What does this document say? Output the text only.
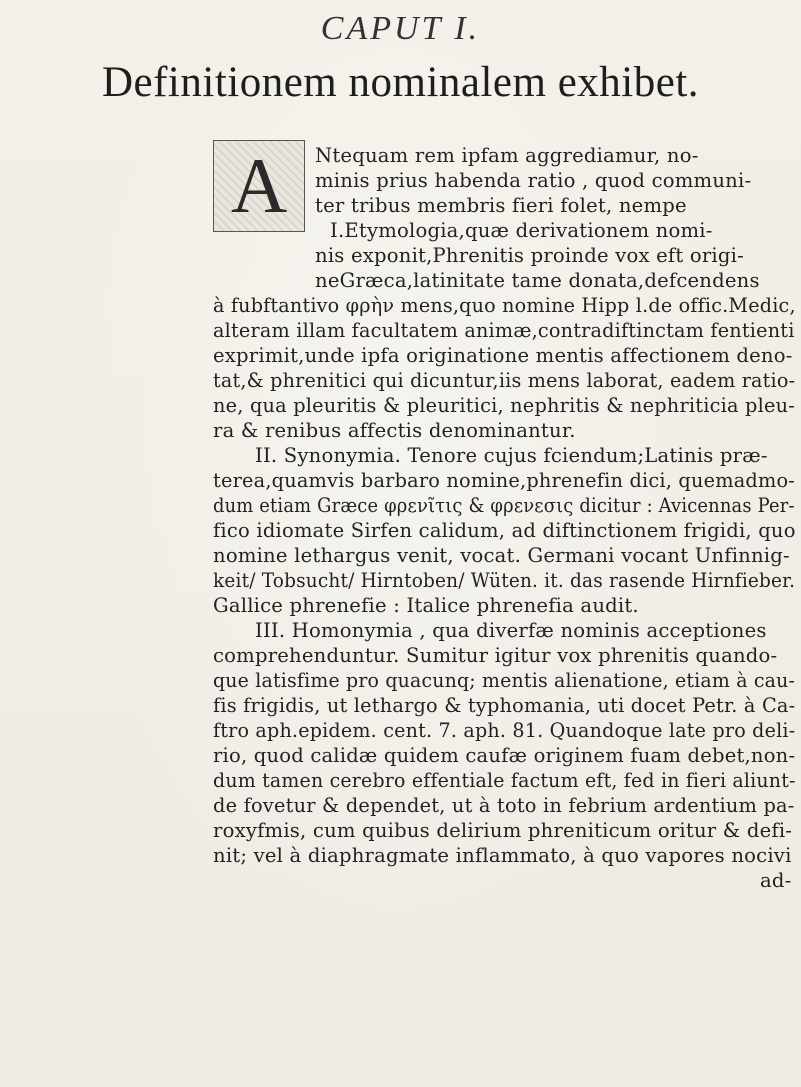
CAPUT I.
Definitionem nominalem exhibet.
A Ntequam rem ipfam aggrediamur, no-
minis prius habenda ratio , quod communi-
ter tribus membris fieri folet, nempe
I.Etymologia,quæ derivationem nomi-
nis exponit,Phrenitis proinde vox eft origi-
neGræca,latinitate tame donata,defcendens
à fubftantivo φρὴν mens,quo nomine Hipp l.de offic.Medic,
alteram illam facultatem animæ,contradiftinctam fentienti
exprimit,unde ipfa originatione mentis affectionem deno-
tat,& phrenitici qui dicuntur,iis mens laborat, eadem ratio-
ne, qua pleuritis & pleuritici, nephritis & nephriticia pleu-
ra & renibus affectis denominantur.
II. Synonymia. Tenore cujus fciendum;Latinis præ-
terea,quamvis barbaro nomine,phrenefin dici, quemadmo-
dum etiam Græce φρενῖτις & φρενεσις dicitur : Avicennas Per-
fico idiomate Sirfen calidum, ad diftinctionem frigidi, quo
nomine lethargus venit, vocat. Germani vocant Unfinnig-
keit/ Tobsucht/ Hirntoben/ Wüten. it. das rasende Hirnfieber.
Gallice phrenefie : Italice phrenefia audit.
III. Homonymia , qua diverfæ nominis acceptiones
comprehenduntur. Sumitur igitur vox phrenitis quando-
que latisfime pro quacunq; mentis alienatione, etiam à cau-
fis frigidis, ut lethargo & typhomania, uti docet Petr. à Ca-
ftro aph.epidem. cent. 7. aph. 81. Quandoque late pro deli-
rio, quod calidæ quidem caufæ originem fuam debet,non-
dum tamen cerebro effentiale factum eft, fed in fieri aliunt-
de fovetur & dependet, ut à toto in febrium ardentium pa-
roxyfmis, cum quibus delirium phreniticum oritur & defi-
nit; vel à diaphragmate inflammato, à quo vapores nocivi
ad-
